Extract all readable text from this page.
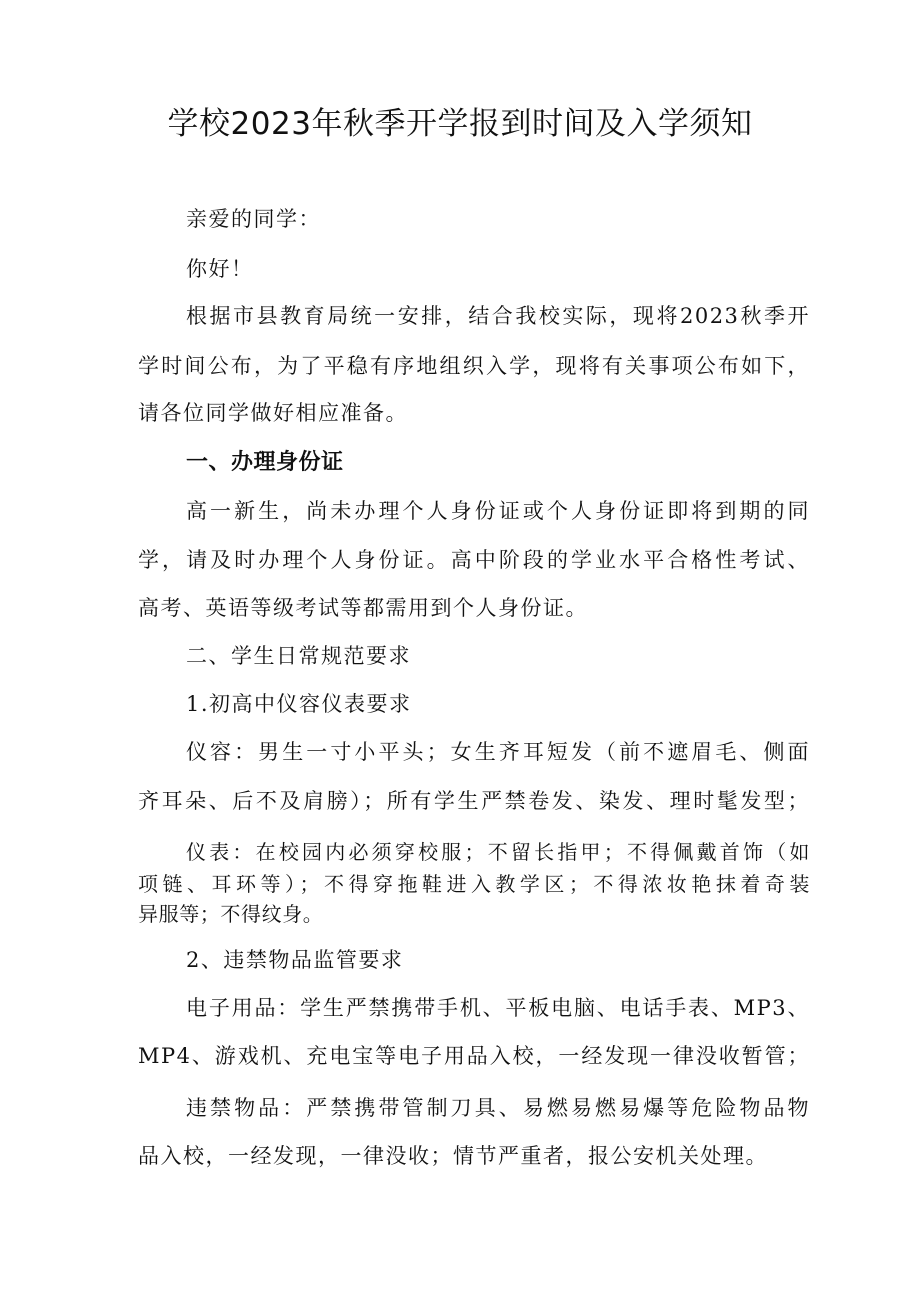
学校2023年秋季开学报到时间及入学须知
亲爱的同学：
你好！
根据市县教育局统一安排，结合我校实际，现将2023秋季开
学时间公布，为了平稳有序地组织入学，现将有关事项公布如下，
请各位同学做好相应准备。
一、办理身份证
高一新生，尚未办理个人身份证或个人身份证即将到期的同
学，请及时办理个人身份证。高中阶段的学业水平合格性考试、
高考、英语等级考试等都需用到个人身份证。
二、学生日常规范要求
1.初高中仪容仪表要求
仪容：男生一寸小平头；女生齐耳短发（前不遮眉毛、侧面
齐耳朵、后不及肩膀）；所有学生严禁卷发、染发、理时髦发型；
仪表：在校园内必须穿校服；不留长指甲；不得佩戴首饰（如
项链、耳环等）；不得穿拖鞋进入教学区；不得浓妆艳抹着奇装
异服等；不得纹身。
2、违禁物品监管要求
电子用品：学生严禁携带手机、平板电脑、电话手表、MP3、
MP4、游戏机、充电宝等电子用品入校，一经发现一律没收暂管；
违禁物品：严禁携带管制刀具、易燃易燃易爆等危险物品物
品入校，一经发现，一律没收；情节严重者，报公安机关处理。
